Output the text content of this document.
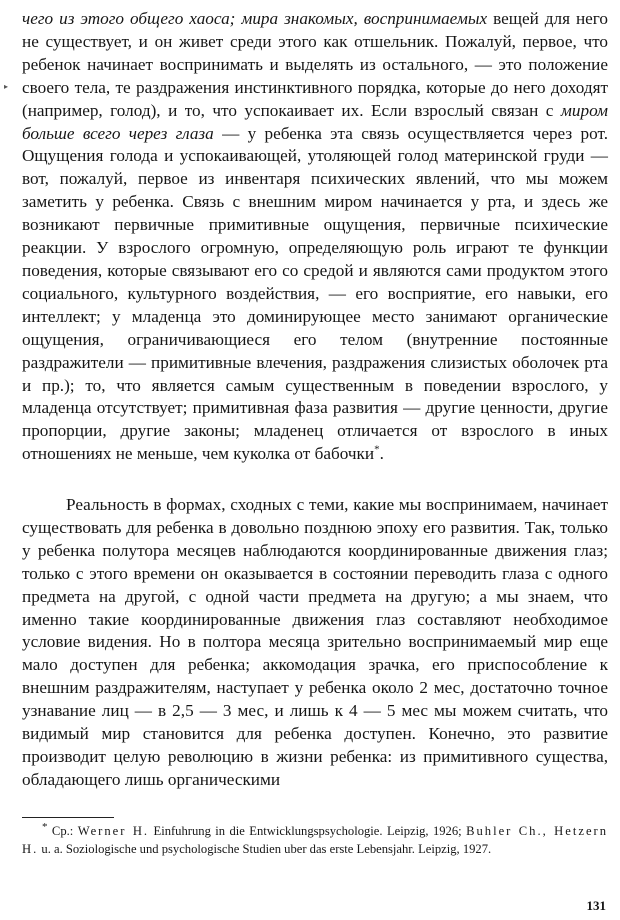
▸

чего из этого общего хаоса; мира знакомых, воспринимаемых вещей для него не существует, и он живет среди этого как отшельник. Пожалуй, первое, что ребенок начинает воспринимать и выделять из остального, — это положение своего тела, те раздражения инстинктивного порядка, которые до него доходят (например, голод), и то, что успокаивает их. Если взрослый связан с миром больше всего через глаза — у ребенка эта связь осуществляется через рот. Ощущения голода и успокаивающей, утоляющей голод материнской груди — вот, пожалуй, первое из инвентаря психических явлений, что мы можем заметить у ребенка. Связь с внешним миром начинается у рта, и здесь же возникают первичные примитивные ощущения, первичные психические реакции. У взрослого огромную, определяющую роль играют те функции поведения, которые связывают его со средой и являются сами продуктом этого социального, культурного воздействия, — его восприятие, его навыки, его интеллект; у младенца это доминирующее место занимают органические ощущения, ограничивающиеся его телом (внутренние постоянные раздражители — примитивные влечения, раздражения слизистых оболочек рта и пр.); то, что является самым существенным в поведении взрослого, у младенца отсутствует; примитивная фаза развития — другие ценности, другие пропорции, другие законы; младенец отличается от взрослого в иных отношениях не меньше, чем куколка от бабочки*.

Реальность в формах, сходных с теми, какие мы воспринимаем, начинает существовать для ребенка в довольно позднюю эпоху его развития. Так, только у ребенка полутора месяцев наблюдаются координированные движения глаз; только с этого времени он оказывается в состоянии переводить глаза с одного предмета на другой, с одной части предмета на другую; а мы знаем, что именно такие координированные движения глаз составляют необходимое условие видения. Но в полтора месяца зрительно воспринимаемый мир еще мало доступен для ребенка; аккомодация зрачка, его приспособление к внешним раздражителям, наступает у ребенка около 2 мес, достаточно точное узнавание лиц — в 2,5 — 3 мес, и лишь к 4 — 5 мес мы можем считать, что видимый мир становится для ребенка доступен. Конечно, это развитие производит целую революцию в жизни ребенка: из примитивного существа, обладающего лишь органическими

* Ср.: Werner H. Einfuhrung in die Entwicklungspsychologie. Leipzig, 1926; Buhler Ch., Hetzern H. u. a. Soziologische und psychologische Studien uber das erste Lebensjahr. Leipzig, 1927.

131
